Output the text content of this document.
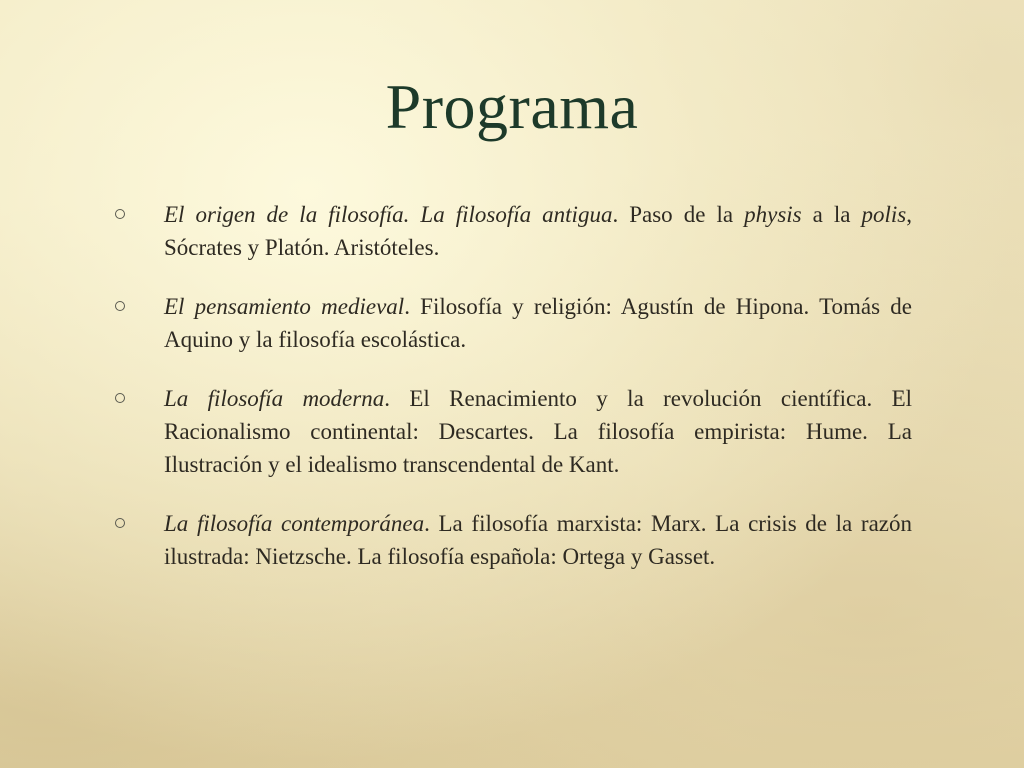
Programa
El origen de la filosofía. La filosofía antigua. Paso de la physis a la polis, Sócrates y Platón. Aristóteles.
El pensamiento medieval. Filosofía y religión: Agustín de Hipona. Tomás de Aquino y la filosofía escolástica.
La filosofía moderna. El Renacimiento y la revolución científica. El Racionalismo continental: Descartes. La filosofía empirista: Hume. La Ilustración y el idealismo transcendental de Kant.
La filosofía contemporánea. La filosofía marxista: Marx. La crisis de la razón ilustrada: Nietzsche. La filosofía española: Ortega y Gasset.
